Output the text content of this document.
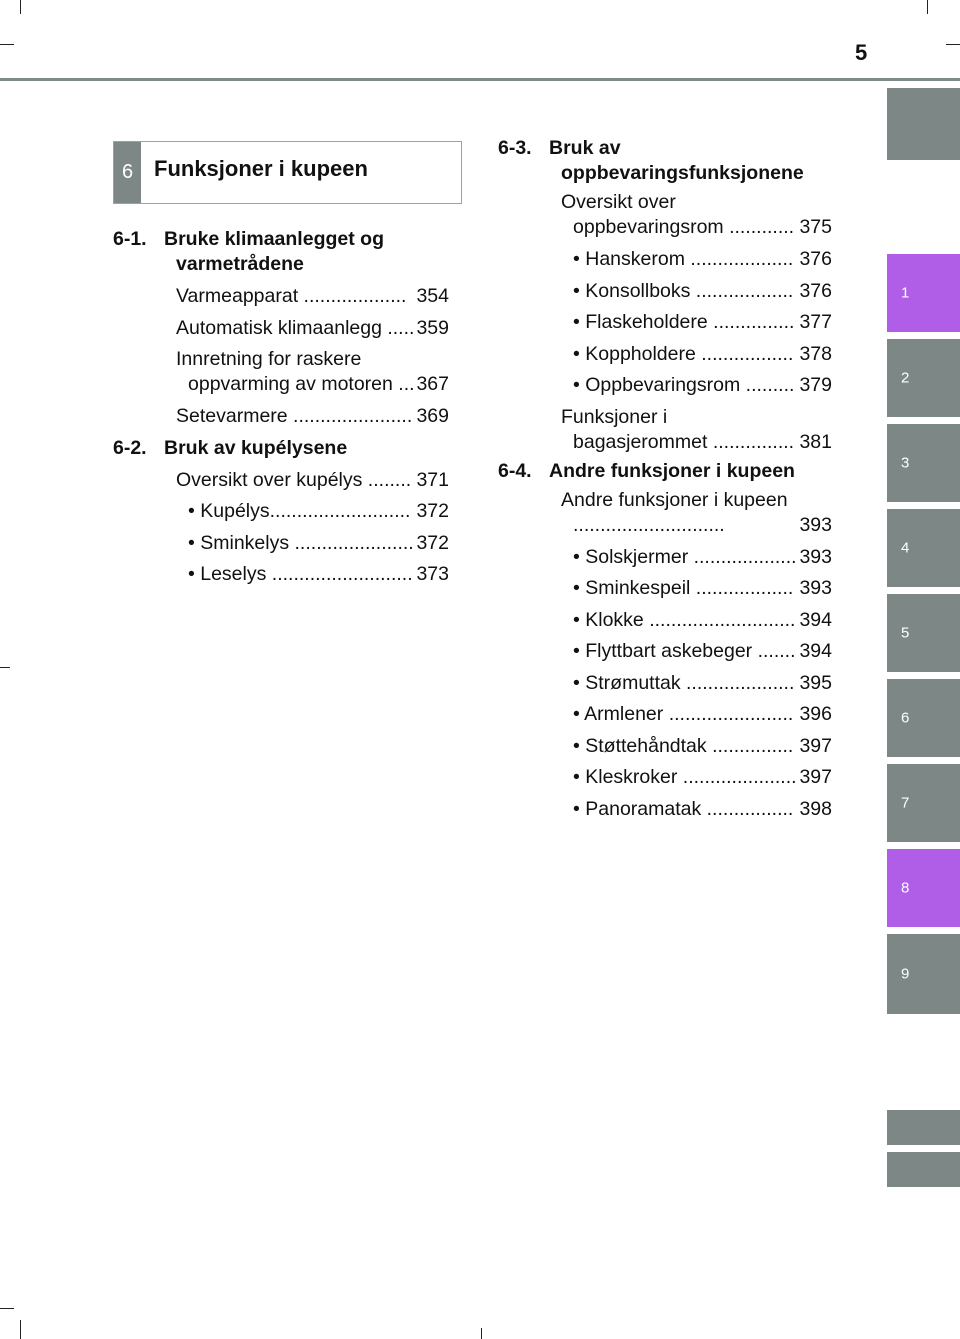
5
1
2
3
4
5
6
7
8
9
6 Funksjoner i kupeen
6-1. Bruke klimaanlegget og varmetrådene
Varmeapparat ................... 354
Automatisk klimaanlegg ..... 359
Innretning for raskere oppvarming av motoren ... 367
Setevarmere ...................... 369
6-2. Bruk av kupélysene
Oversikt over kupélys ........ 371
• Kupélys.......................... 372
• Sminkelys ...................... 372
• Leselys .......................... 373
6-3. Bruk av oppbevaringsfunksjonene
Oversikt over oppbevaringsrom ............ 375
• Hanskerom ................... 376
• Konsollboks .................. 376
• Flaskeholdere ............... 377
• Koppholdere ................. 378
• Oppbevaringsrom ......... 379
Funksjoner i bagasjerommet ............... 381
6-4. Andre funksjoner i kupeen
Andre funksjoner i kupeen ............................	393
• Solskjermer ................... 393
• Sminkespeil .................. 393
• Klokke ........................... 394
• Flyttbart askebeger ....... 394
• Strømuttak .................... 395
• Armlener ....................... 396
• Støttehåndtak ............... 397
• Kleskroker ..................... 397
• Panoramatak ................ 398
